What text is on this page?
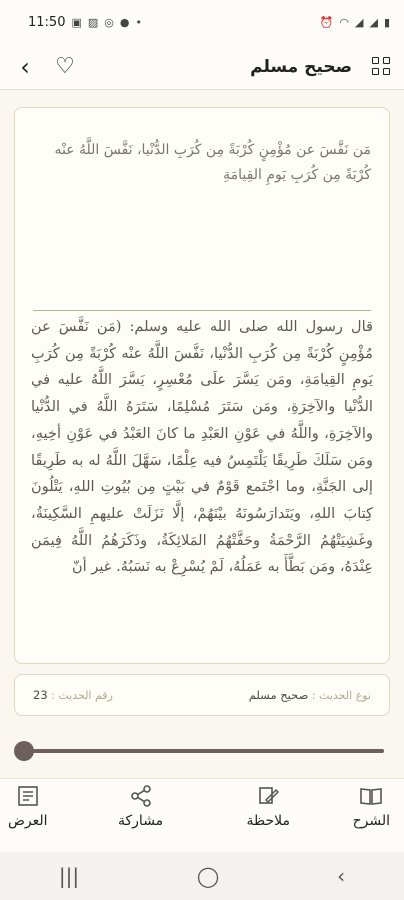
11:50 ▣ ▨ ◎ ● •	⏰ ◠ ◢ ◢ ▮
‹	♡	صحيح مسلم
مَن نَفَّسَ عن مُؤْمِنٍ كُرْبَةً مِن كُرَبِ الدُّنْيا، نَفَّسَ اللَّهُ عنْه كُرْبَةً مِن كُرَبِ يَومِ القِيامَةِ
قال رسول الله صلى الله عليه وسلم: (مَن نَفَّسَ عن مُؤْمِنٍ كُرْبَةً مِن كُرَبِ الدُّنْيا، نَفَّسَ اللَّهُ عنْه كُرْبَةً مِن كُرَبِ يَومِ القِيامَةِ، ومَن يَسَّرَ علَى مُعْسِرٍ، يَسَّرَ اللَّهُ عليه في الدُّنْيا والآخِرَةِ، ومَن سَتَرَ مُسْلِمًا، سَتَرَهُ اللَّهُ في الدُّنْيا والآخِرَةِ، واللَّهُ في عَوْنِ العَبْدِ ما كانَ العَبْدُ في عَوْنِ أخِيهِ، ومَن سَلَكَ طَرِيقًا يَلْتَمِسُ فيه عِلْمًا، سَهَّلَ اللَّهُ له به طَرِيقًا إلى الجَنَّةِ، وما اجْتَمع قَوْمٌ في بَيْتٍ مِن بُيُوتِ اللهِ، يَتْلُونَ كِتابَ اللهِ، ويَتَدارَسُونَهُ بيْنَهُمْ، إلَّا نَزَلَتْ عليهمِ السَّكِينَةُ، وغَشِيَتْهُمُ الرَّحْمَةُ وحَفَّتْهُمُ المَلائِكَةُ، وذَكَرَهُمُ اللَّهُ فِيمَن عِنْدَهُ، ومَن بَطَّأَ به عَمَلُهُ، لَمْ يُسْرِعْ به نَسَبُهُ. غير أنّ
نوع الحديث : صحيح مسلم
رقم الحديث : 23
الشرح
ملاحظة
مشاركة
العرض
|||	◯	‹
